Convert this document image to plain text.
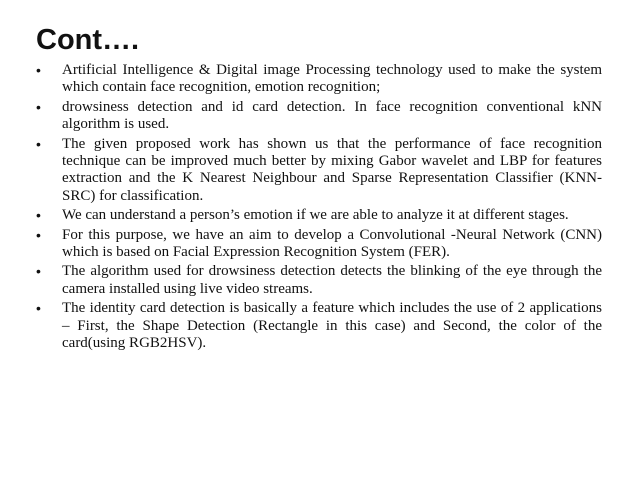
Cont….
• Artificial Intelligence & Digital image Processing technology used to make the system which contain face recognition, emotion recognition;
• drowsiness detection and id card detection. In face recognition conventional kNN algorithm is used.
• The given proposed work has shown us that the performance of face recognition technique can be improved much better by mixing Gabor wavelet and LBP for features extraction and the K Nearest Neighbour and Sparse Representation Classifier (KNN- SRC) for classification.
• We can understand a person’s emotion if we are able to analyze it at different stages.
• For this purpose, we have an aim to develop a Convolutional -Neural Network (CNN) which is based on Facial Expression Recognition System (FER).
• The algorithm used for drowsiness detection detects the blinking of the eye through the camera installed using live video streams.
• The identity card detection is basically a feature which includes the use of 2 applications – First, the Shape Detection (Rectangle in this case) and Second, the color of the card(using RGB2HSV).
